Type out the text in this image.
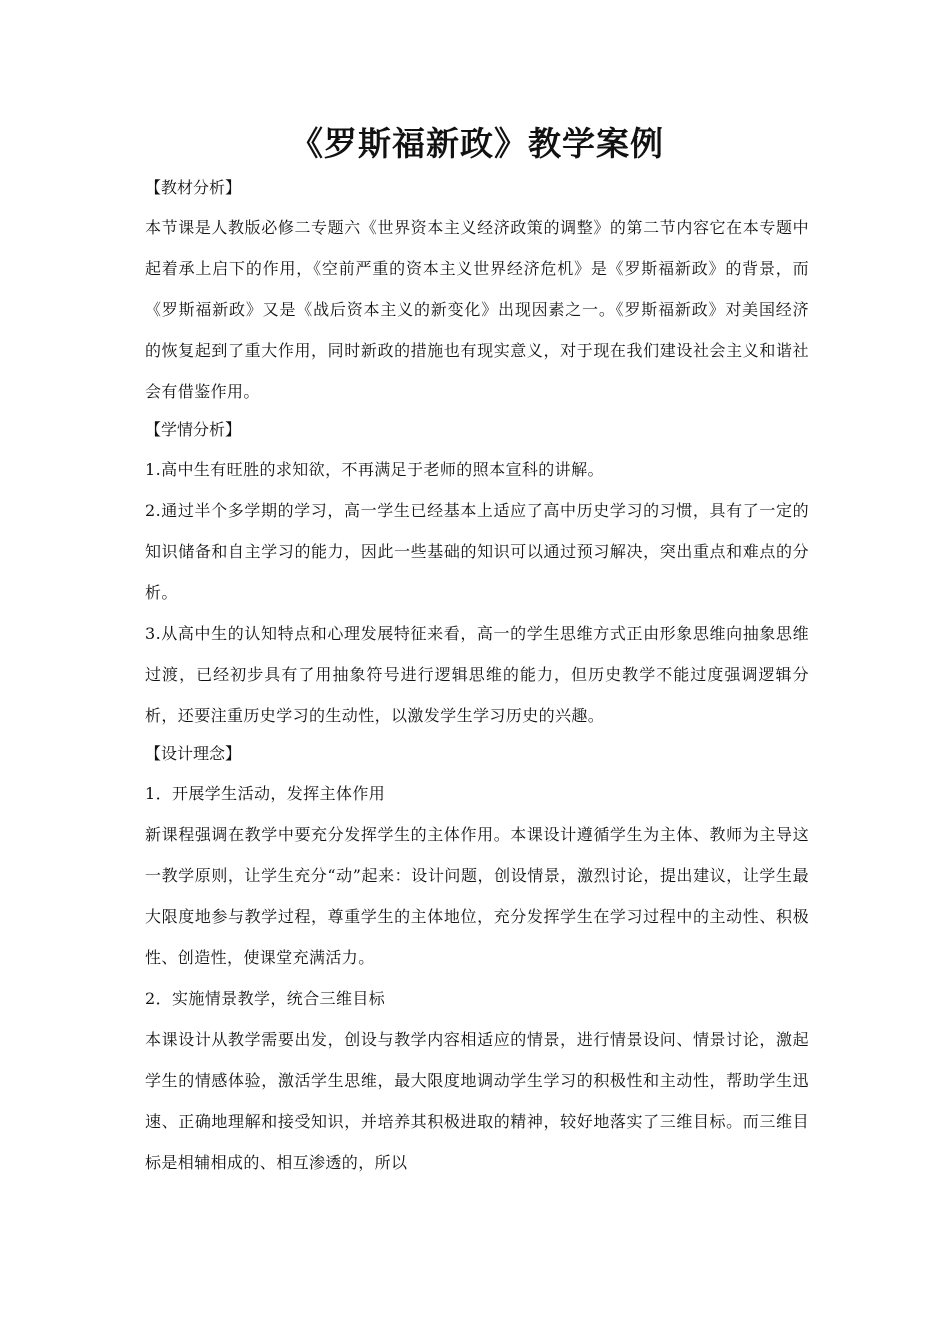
《罗斯福新政》教学案例
【教材分析】

本节课是人教版必修二专题六《世界资本主义经济政策的调整》的第二节内容它在本专题中起着承上启下的作用，《空前严重的资本主义世界经济危机》是《罗斯福新政》的背景，而《罗斯福新政》又是《战后资本主义的新变化》出现因素之一。《罗斯福新政》对美国经济的恢复起到了重大作用，同时新政的措施也有现实意义，对于现在我们建设社会主义和谐社会有借鉴作用。

【学情分析】

1.高中生有旺胜的求知欲，不再满足于老师的照本宣科的讲解。

2.通过半个多学期的学习，高一学生已经基本上适应了高中历史学习的习惯，具有了一定的知识储备和自主学习的能力，因此一些基础的知识可以通过预习解决，突出重点和难点的分析。

3.从高中生的认知特点和心理发展特征来看，高一的学生思维方式正由形象思维向抽象思维过渡，已经初步具有了用抽象符号进行逻辑思维的能力，但历史教学不能过度强调逻辑分析，还要注重历史学习的生动性，以激发学生学习历史的兴趣。

【设计理念】
1．开展学生活动，发挥主体作用

新课程强调在教学中要充分发挥学生的主体作用。本课设计遵循学生为主体、教师为主导这一教学原则，让学生充分“动”起来：设计问题，创设情景，激烈讨论，提出建议，让学生最大限度地参与教学过程，尊重学生的主体地位，充分发挥学生在学习过程中的主动性、积极性、创造性，使课堂充满活力。

2．实施情景教学，统合三维目标

本课设计从教学需要出发，创设与教学内容相适应的情景，进行情景设问、情景讨论，激起学生的情感体验，激活学生思维，最大限度地调动学生学习的积极性和主动性，帮助学生迅速、正确地理解和接受知识，并培养其积极进取的精神，较好地落实了三维目标。而三维目标是相辅相成的、相互渗透的，所以
